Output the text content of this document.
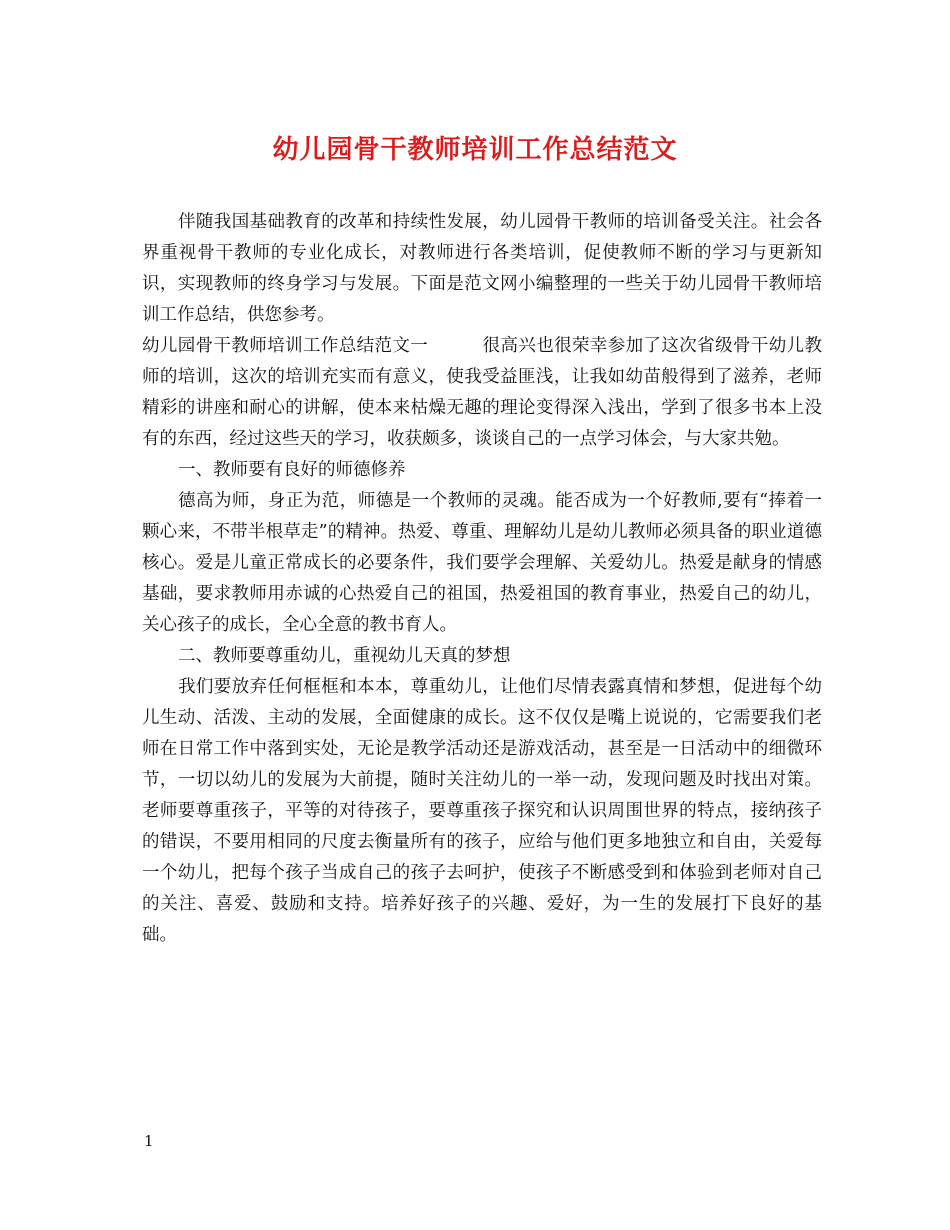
幼儿园骨干教师培训工作总结范文

伴随我国基础教育的改革和持续性发展，幼儿园骨干教师的培训备受关注。社会各界重视骨干教师的专业化成长，对教师进行各类培训，促使教师不断的学习与更新知识，实现教师的终身学习与发展。下面是范文网小编整理的一些关于幼儿园骨干教师培训工作总结，供您参考。

幼儿园骨干教师培训工作总结范文一	很高兴也很荣幸参加了这次省级骨干幼儿教师的培训，这次的培训充实而有意义，使我受益匪浅，让我如幼苗般得到了滋养，老师精彩的讲座和耐心的讲解，使本来枯燥无趣的理论变得深入浅出，学到了很多书本上没有的东西，经过这些天的学习，收获颇多，谈谈自己的一点学习体会，与大家共勉。

一、教师要有良好的师德修养

德高为师，身正为范，师德是一个教师的灵魂。能否成为一个好教师,要有“捧着一颗心来，不带半根草走”的精神。热爱、尊重、理解幼儿是幼儿教师必须具备的职业道德核心。爱是儿童正常成长的必要条件，我们要学会理解、关爱幼儿。热爱是献身的情感基础，要求教师用赤诚的心热爱自己的祖国，热爱祖国的教育事业，热爱自己的幼儿，关心孩子的成长，全心全意的教书育人。

二、教师要尊重幼儿，重视幼儿天真的梦想

我们要放弃任何框框和本本，尊重幼儿，让他们尽情表露真情和梦想，促进每个幼儿生动、活泼、主动的发展，全面健康的成长。这不仅仅是嘴上说说的，它需要我们老师在日常工作中落到实处，无论是教学活动还是游戏活动，甚至是一日活动中的细微环节，一切以幼儿的发展为大前提，随时关注幼儿的一举一动，发现问题及时找出对策。老师要尊重孩子，平等的对待孩子，要尊重孩子探究和认识周围世界的特点，接纳孩子的错误，不要用相同的尺度去衡量所有的孩子，应给与他们更多地独立和自由，关爱每一个幼儿，把每个孩子当成自己的孩子去呵护，使孩子不断感受到和体验到老师对自己的关注、喜爱、鼓励和支持。培养好孩子的兴趣、爱好，为一生的发展打下良好的基础。

1
